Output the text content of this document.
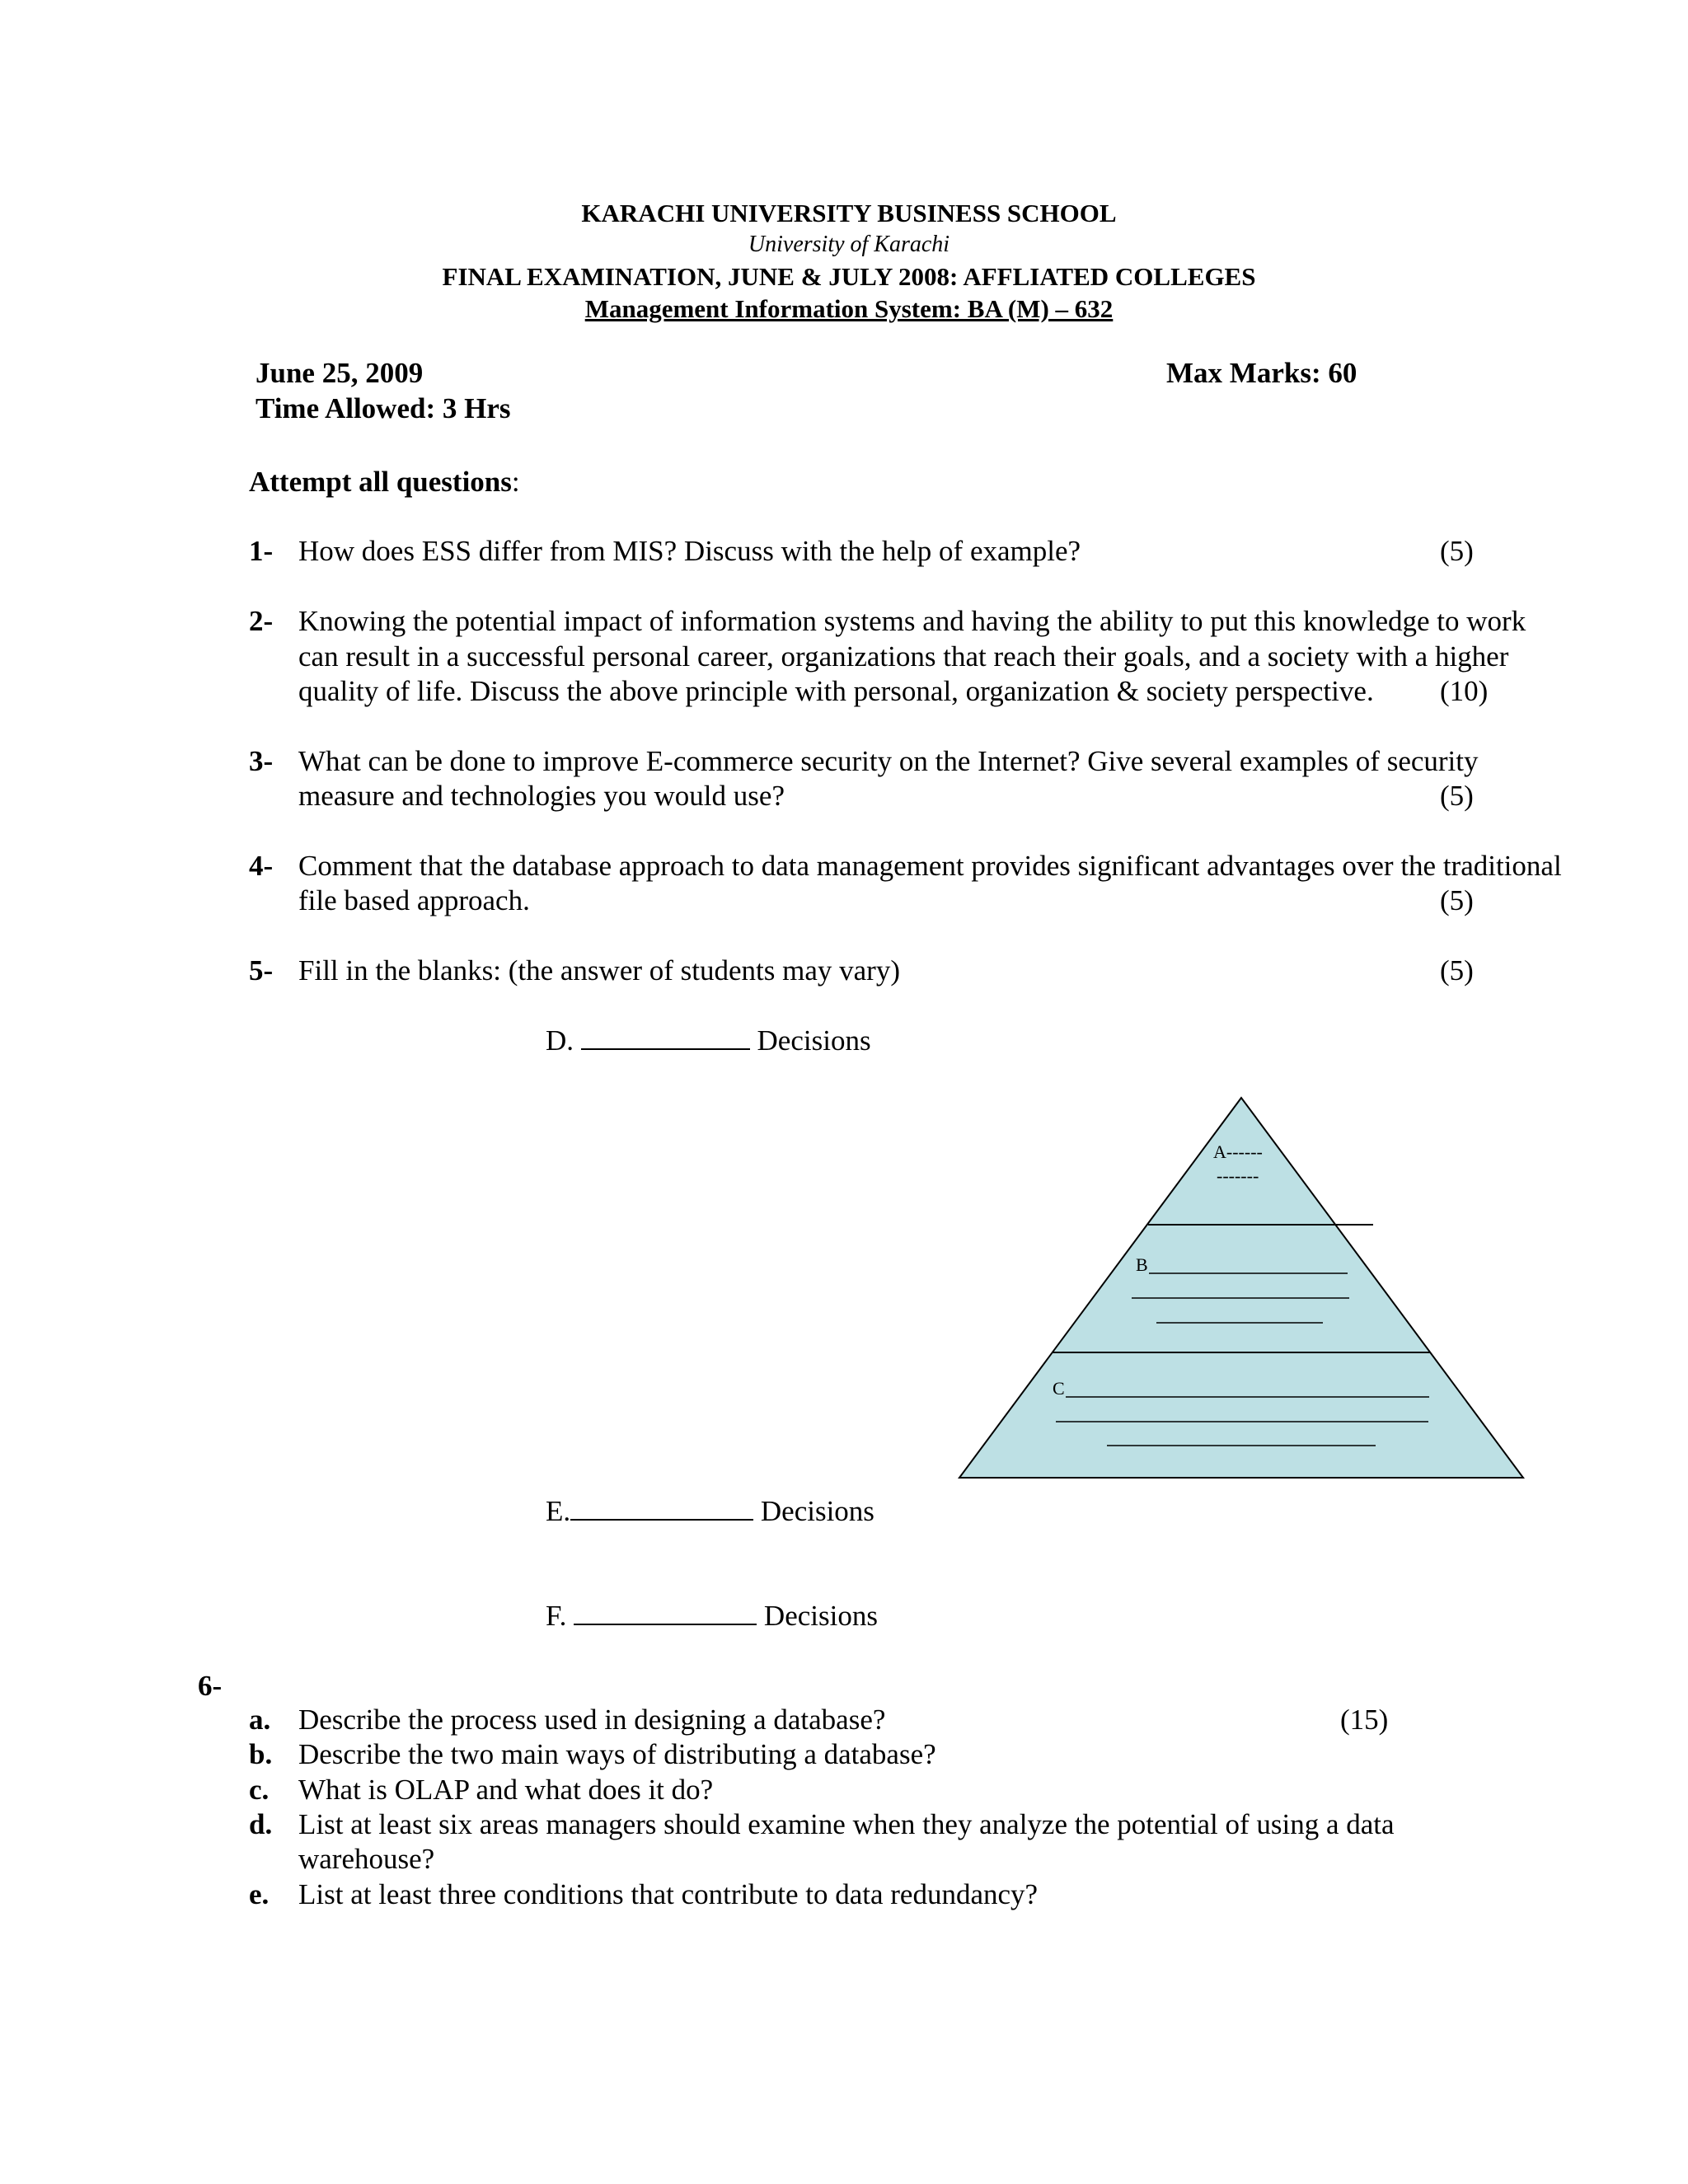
KARACHI UNIVERSITY BUSINESS SCHOOL
University of Karachi
FINAL EXAMINATION, JUNE & JULY 2008: AFFLIATED COLLEGES
Management Information System: BA (M) – 632
June 25, 2009
Time Allowed: 3 Hrs
Max Marks: 60
Attempt all questions:
1- How does ESS differ from MIS? Discuss with the help of example?	(5)
2- Knowing the potential impact of information systems and having the ability to put this knowledge to work
can result in a successful personal career, organizations that reach their goals, and a society with a higher
quality of life. Discuss the above principle with personal, organization & society perspective. (10)
3- What can be done to improve E-commerce security on the Internet? Give several examples of security
measure and technologies you would use?	(5)
4- Comment that the database approach to data management provides significant advantages over the traditional
file based approach.	(5)
5- Fill in the blanks: (the answer of students may vary)	(5)
D.	Decisions
E.	Decisions
F.	Decisions
A------
-------
B
C
6-
a. Describe the process used in designing a database?	(15)
b. Describe the two main ways of distributing a database?
c. What is OLAP and what does it do?
d. List at least six areas managers should examine when they analyze the potential of using a data
warehouse?
e. List at least three conditions that contribute to data redundancy?
